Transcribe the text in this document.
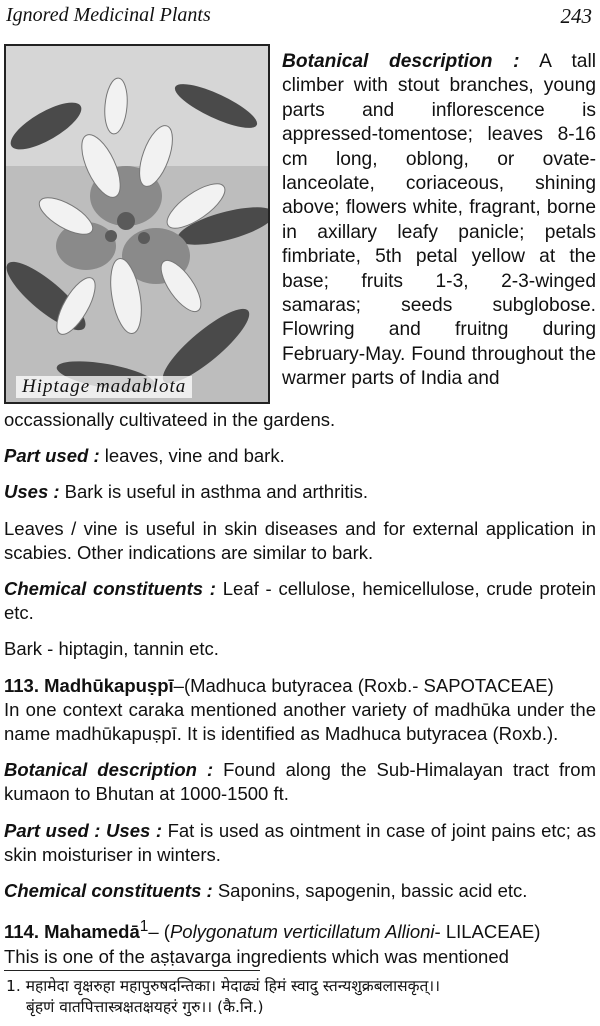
Ignored Medicinal Plants	243
Hiptage madablota
Botanical description : A tall climber with stout branches, young parts and inflorescence is appressed-tomentose; leaves 8-16 cm long, oblong, or ovate-lanceolate, coriaceous, shining above; flowers white, fragrant, borne in axillary leafy panicle; petals fimbriate, 5th petal yellow at the base; fruits 1-3, 2-3-winged samaras; seeds subglobose. Flowring and fruitng during February-May. Found throughout the warmer parts of India and

occassionally cultivateed in the gardens.

Part used : leaves, vine and bark.

Uses : Bark is useful in asthma and arthritis.

Leaves / vine is useful in skin diseases and for external application in scabies. Other indications are similar to bark.

Chemical constituents : Leaf - cellulose, hemicellulose, crude protein etc.

Bark - hiptagin, tannin etc.

113. Madhūkapuṣpī–(Madhuca butyracea (Roxb.- SAPOTACEAE)

In one context caraka mentioned another variety of madhūka under the name madhūkapuṣpī. It is identified as Madhuca butyracea (Roxb.).

Botanical description : Found along the Sub-Himalayan tract from kumaon to Bhutan at 1000-1500 ft.

Part used : Uses : Fat is used as ointment in case of joint pains etc; as skin moisturiser in winters.

Chemical constituents : Saponins, sapogenin, bassic acid etc.

114. Mahamedā$^1$– (Polygonatum verticillatum Allioni- LILACEAE)

This is one of the aṣṭavarga ingredients which was mentioned

1. महामेदा वृक्षरुहा महापुरुषदन्तिका। मेदाढ्यं हिमं स्वादु स्तन्यशुक्रबलासकृत्।।
बृंहणं वातपित्तास्त्रक्षतक्षयहरं गुरु।। (कै.नि.)
